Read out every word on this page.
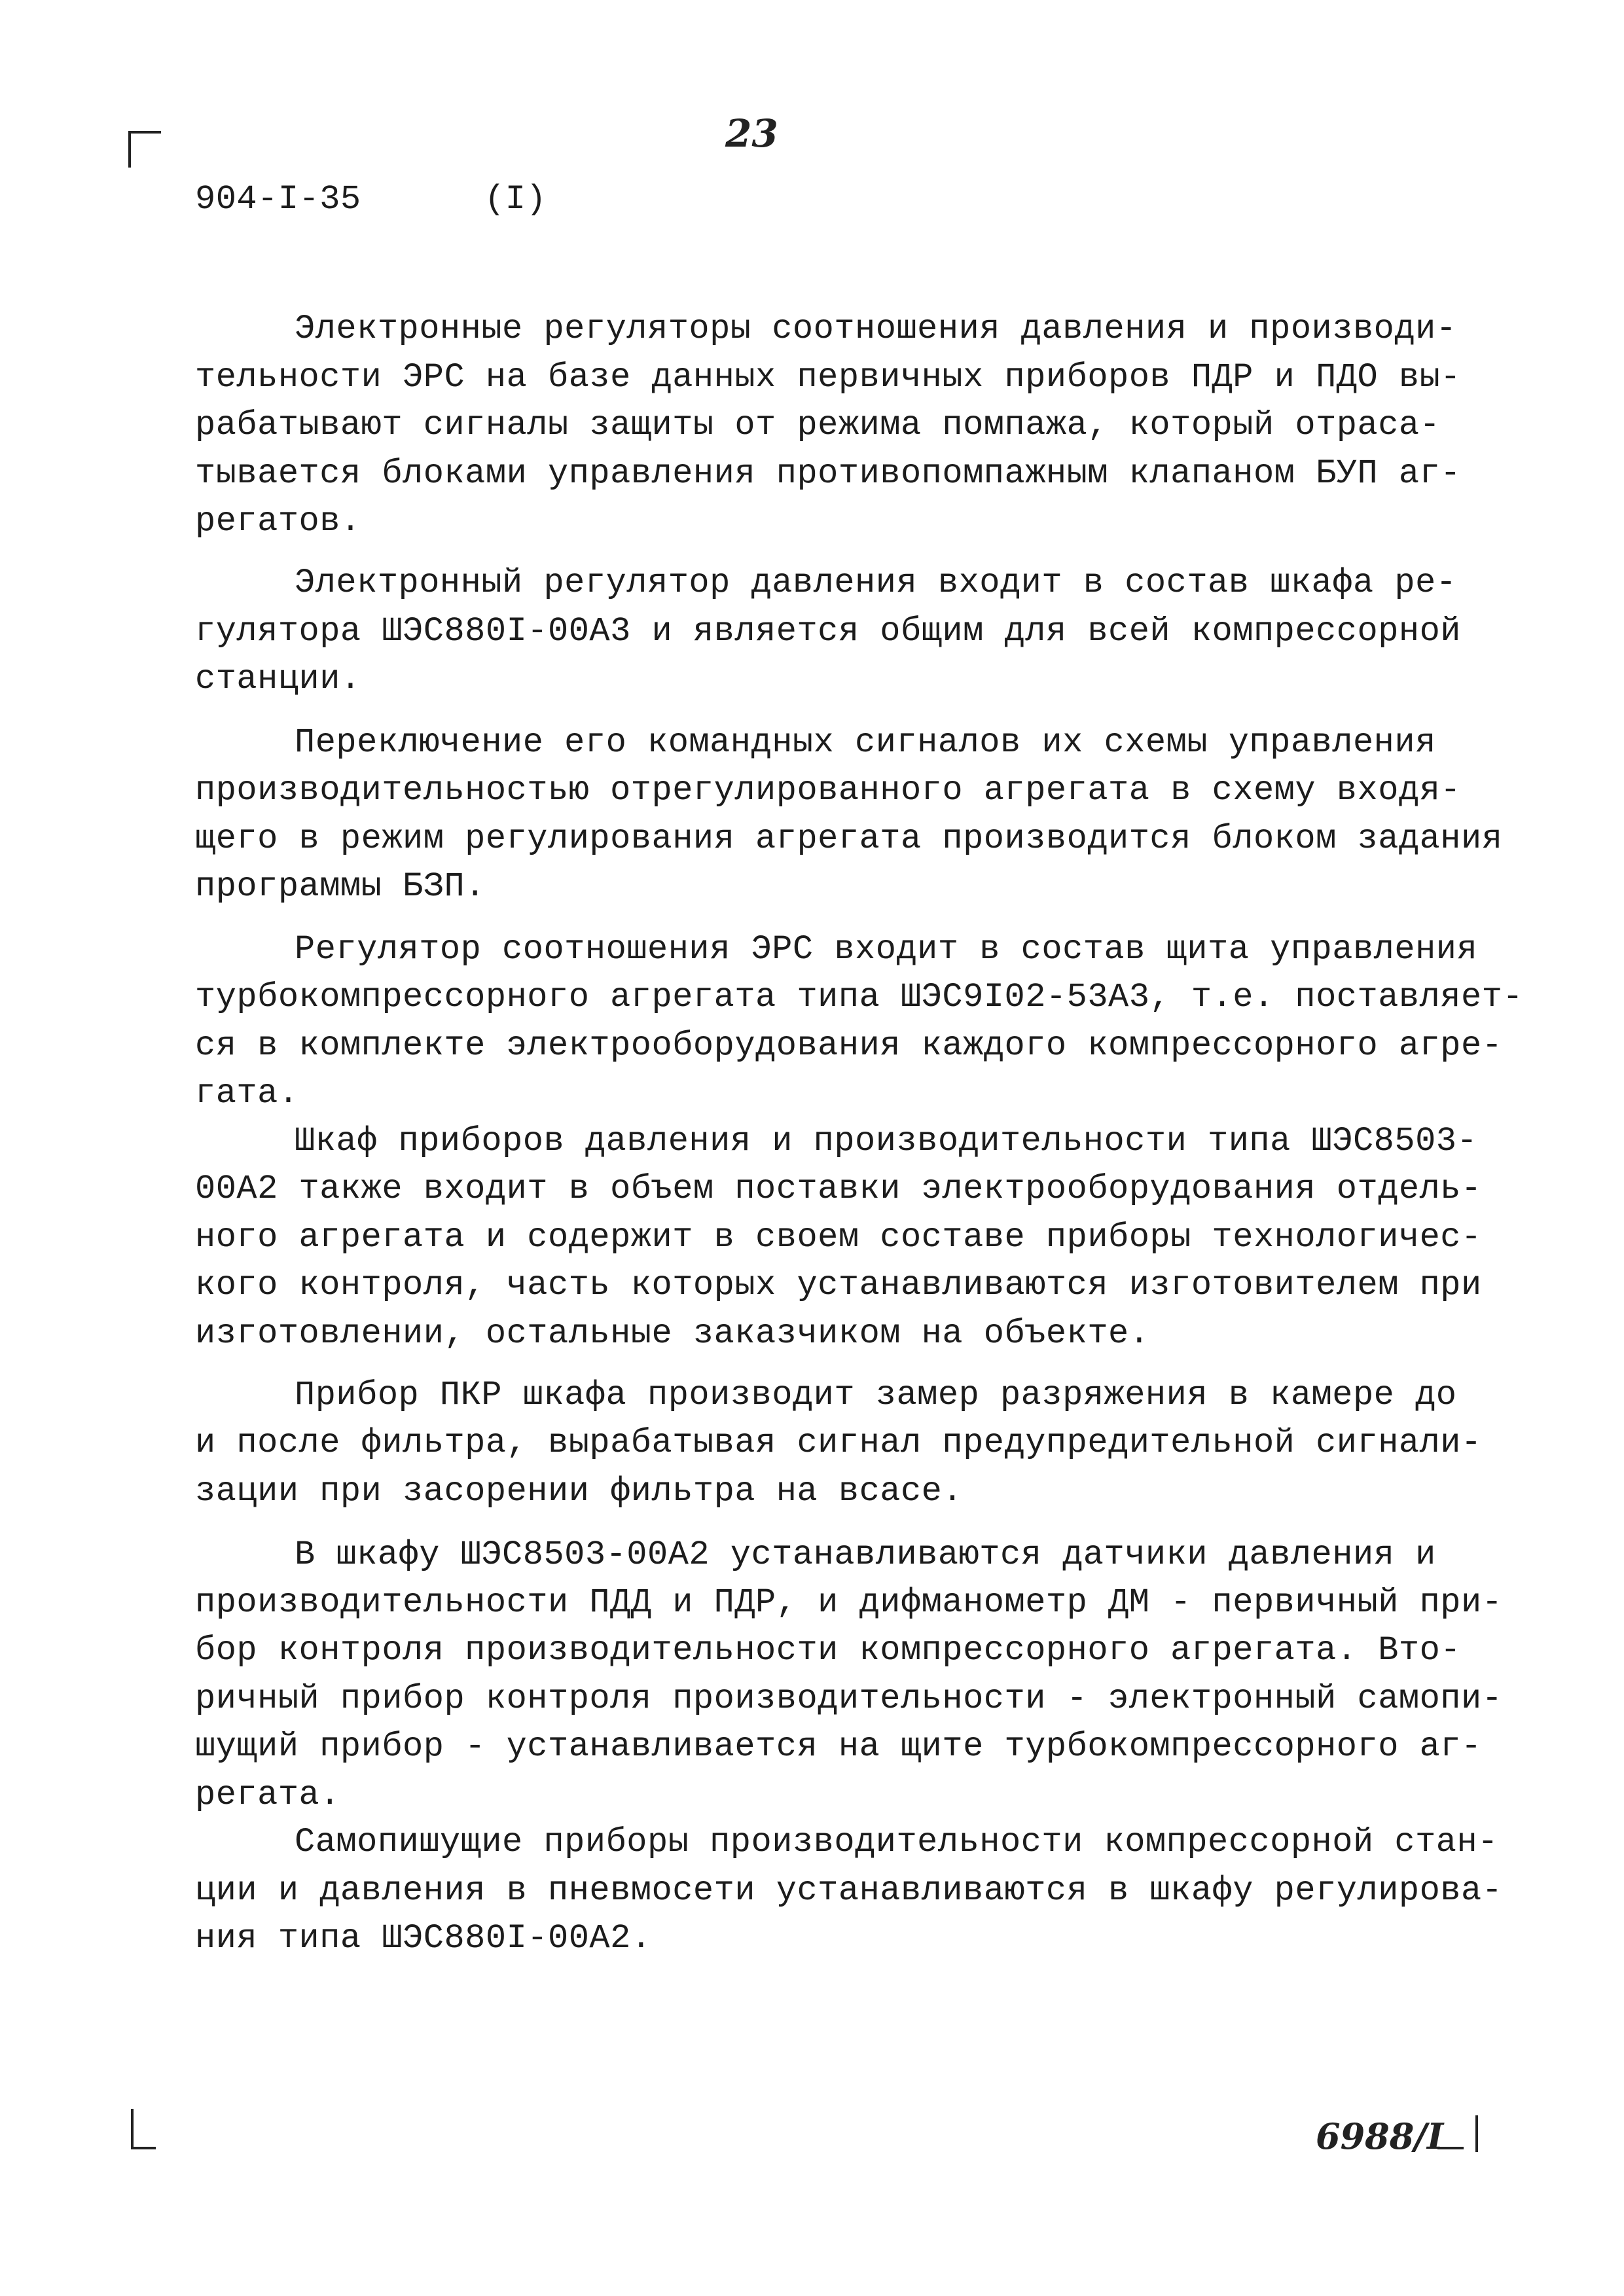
23
904-I-35	(I)
Электронные регуляторы соотношения давления и производи-
тельности ЭРС на базе данных первичных приборов ПДР и ПДО вы-
рабатывают сигналы защиты от режима помпажа, который отраса-
тывается блоками управления противопомпажным клапаном БУП аг-
регатов.
Электронный регулятор давления входит в состав шкафа ре-
гулятора ШЭС880I-00А3 и является общим для всей компрессорной
станции.
Переключение его командных сигналов их схемы управления
производительностью отрегулированного агрегата в схему входя-
щего в режим регулирования агрегата производится блоком задания
программы БЗП.
Регулятор соотношения ЭРС входит в состав щита управления
турбокомпрессорного агрегата типа ШЭС9I02-53А3, т.е. поставляет-
ся в комплекте электрооборудования каждого компрессорного агре-
гата.
Шкаф приборов давления и производительности типа ШЭС8503-
00А2 также входит в объем поставки электрооборудования отдель-
ного агрегата и содержит в своем составе приборы технологичес-
кого контроля, часть которых устанавливаются изготовителем при
изготовлении, остальные заказчиком на объекте.
Прибор ПКР шкафа производит замер разряжения в камере до
и после фильтра, вырабатывая сигнал предупредительной сигнали-
зации при засорении фильтра на всасе.
В шкафу ШЭС8503-00А2 устанавливаются датчики давления и
производительности ПДД и ПДР, и дифманометр ДМ - первичный при-
бор контроля производительности компрессорного агрегата. Вто-
ричный прибор контроля производительности - электронный самопи-
шущий прибор - устанавливается на щите турбокомпрессорного аг-
регата.
Самопишущие приборы производительности компрессорной стан-
ции и давления в пневмосети устанавливаются в шкафу регулирова-
ния типа ШЭС880I-00А2.
6988/I
